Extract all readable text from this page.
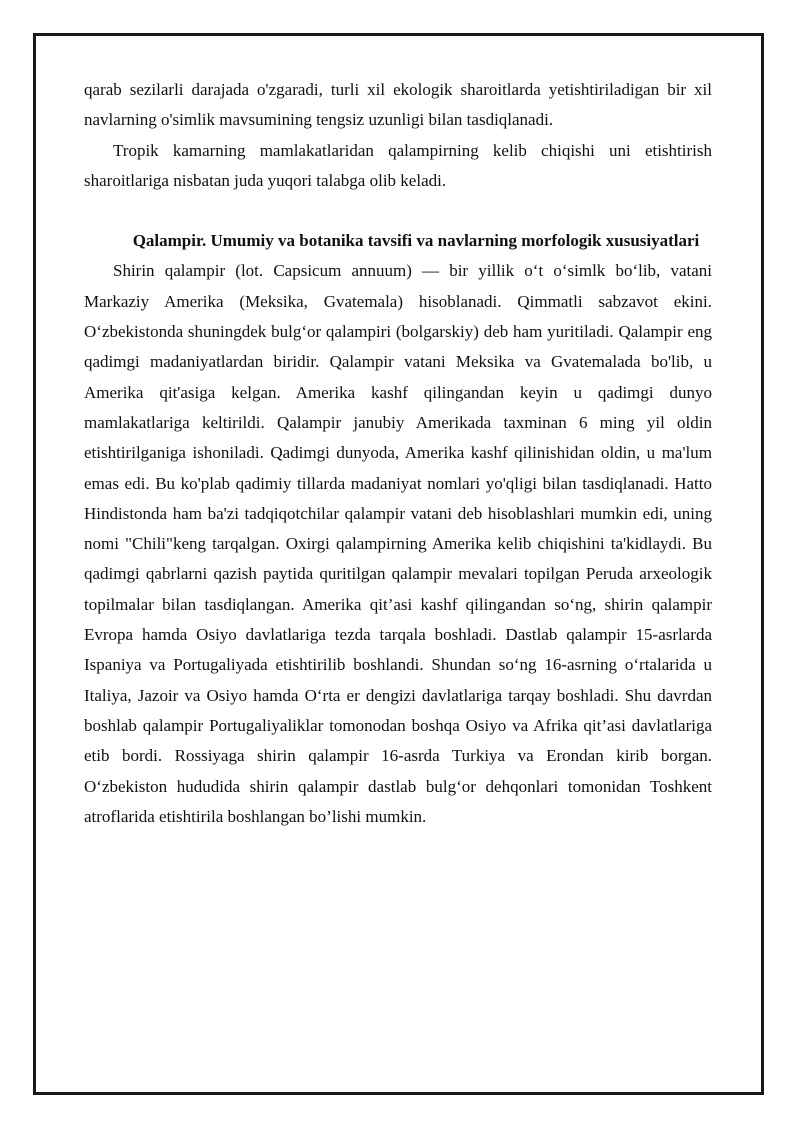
qarab sezilarli darajada o'zgaradi, turli xil ekologik sharoitlarda yetishtiriladigan bir xil navlarning o'simlik mavsumining tengsiz uzunligi bilan tasdiqlanadi.

Tropik kamarning mamlakatlaridan qalampirning kelib chiqishi uni etishtirish sharoitlariga nisbatan juda yuqori talabga olib keladi.

Qalampir. Umumiy va botanika tavsifi va navlarning morfologik xususiyatlari

Shirin qalampir (lot. Capsicum annuum) — bir yillik o‘t o‘simlk bo‘lib, vatani Markaziy Amerika (Meksika, Gvatemala) hisoblanadi. Qimmatli sabzavot ekini. O‘zbekistonda shuningdek bulg‘or qalampiri (bolgarskiy) deb ham yuritiladi. Qalampir eng qadimgi madaniyatlardan biridir. Qalampir vatani Meksika va Gvatemalada bo'lib, u Amerika qit'asiga kelgan. Amerika kashf qilingandan keyin u qadimgi dunyo mamlakatlariga keltirildi. Qalampir janubiy Amerikada taxminan 6 ming yil oldin etishtirilganiga ishoniladi. Qadimgi dunyoda, Amerika kashf qilinishidan oldin, u ma'lum emas edi. Bu ko'plab qadimiy tillarda madaniyat nomlari yo'qligi bilan tasdiqlanadi. Hatto Hindistonda ham ba'zi tadqiqotchilar qalampir vatani deb hisoblashlari mumkin edi, uning nomi "Chili"keng tarqalgan. Oxirgi qalampirning Amerika kelib chiqishini ta'kidlaydi. Bu qadimgi qabrlarni qazish paytida quritilgan qalampir mevalari topilgan Peruda arxeologik topilmalar bilan tasdiqlangan. Amerika qit’asi kashf qilingandan so‘ng, shirin qalampir Evropa hamda Osiyo davlatlariga tezda tarqala boshladi. Dastlab qalampir 15-asrlarda Ispaniya va Portugaliyada etishtirilib boshlandi. Shundan so‘ng 16-asrning o‘rtalarida u Italiya, Jazoir va Osiyo hamda O‘rta er dengizi davlatlariga tarqay boshladi. Shu davrdan boshlab qalampir Portugaliyaliklar tomonodan boshqa Osiyo va Afrika qit’asi davlatlariga etib bordi. Rossiyaga shirin qalampir 16-asrda Turkiya va Erondan kirib borgan. O‘zbekiston hududida shirin qalampir dastlab bulg‘or dehqonlari tomonidan Toshkent atroflarida etishtirila boshlangan bo’lishi mumkin.
